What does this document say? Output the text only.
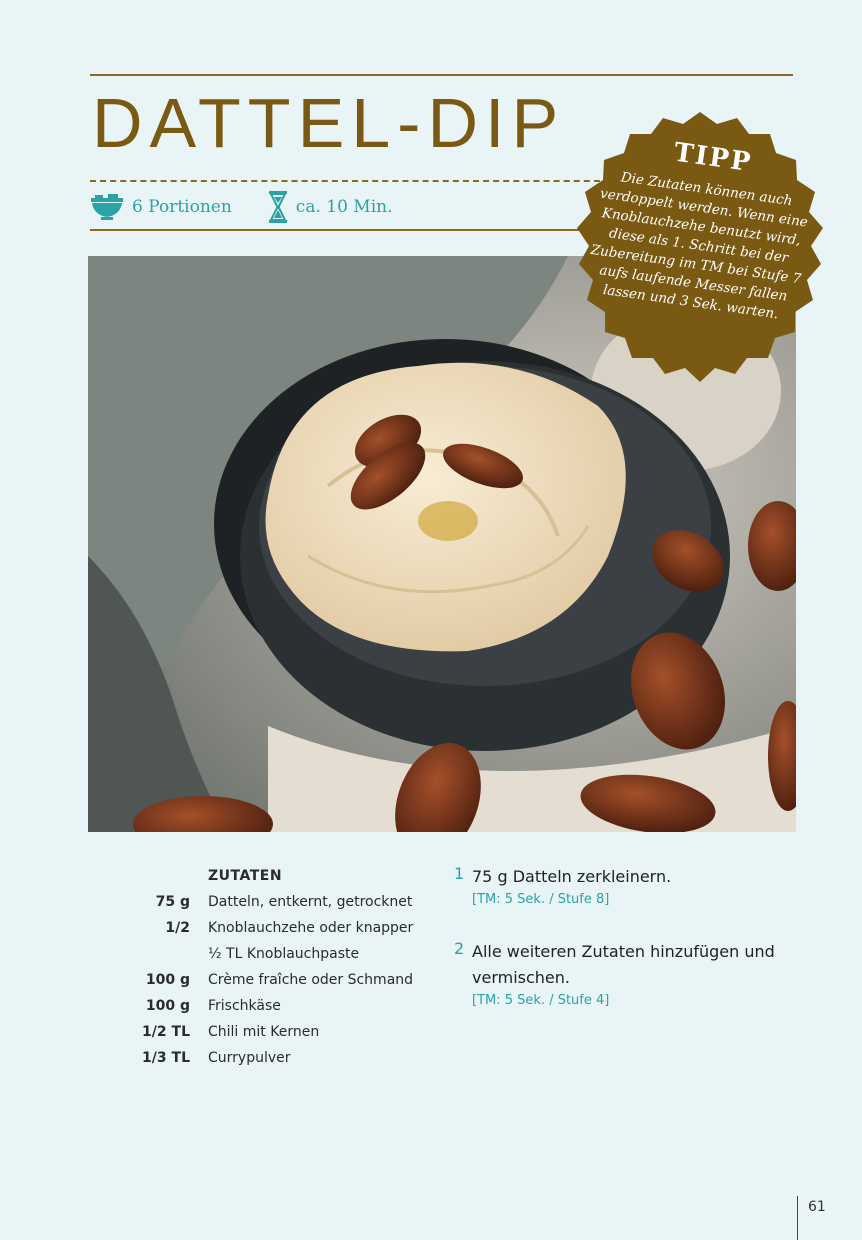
DATTEL-DIP
6 Portionen	ca. 10 Min.
TIPP
Die Zutaten können auch verdoppelt werden. Wenn eine Knoblauchzehe benutzt wird, diese als 1. Schritt bei der Zubereitung im TM bei Stufe 7 aufs laufende Messer fallen lassen und 3 Sek. warten.
ZUTATEN
75 g Datteln, entkernt, getrocknet
1/2 Knoblauchzehe oder knapper
½ TL Knoblauchpaste
100 g Crème fraîche oder Schmand
100 g Frischkäse
1/2 TL Chili mit Kernen
1/3 TL Currypulver
1 75 g Datteln zerkleinern.
[TM: 5 Sek. / Stufe 8]
2 Alle weiteren Zutaten hinzufügen und vermischen.
[TM: 5 Sek. / Stufe 4]
61
